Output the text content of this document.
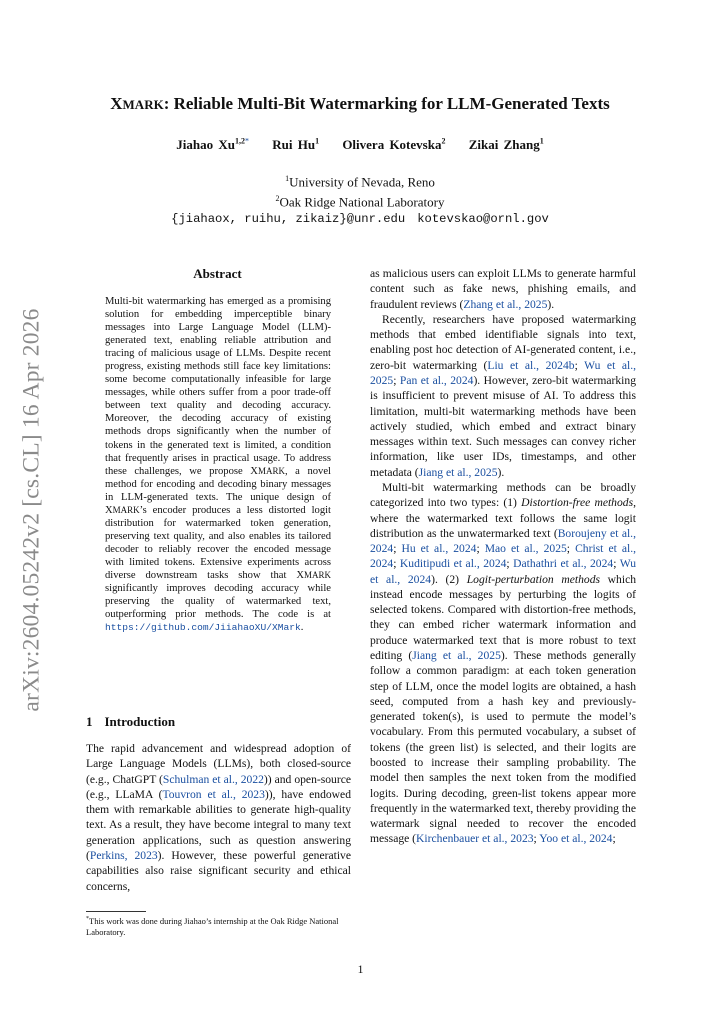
arXiv:2604.05242v2 [cs.CL] 16 Apr 2026
XMARK: Reliable Multi-Bit Watermarking for LLM-Generated Texts
Jiahao $Xu^{1,2*}$ Rui Hu$^1$ Olivera Kotevska$^2$ Zikai Zhang$^1$
$^1$University of Nevada, Reno
$^2$Oak Ridge National Laboratory
{jiahaox, ruihu, zikaiz}@unr.edu kotevskao@ornl.gov
Abstract
Multi-bit watermarking has emerged as a promising solution for embedding imperceptible binary messages into Large Language Model (LLM)-generated text, enabling reliable attribution and tracing of malicious usage of LLMs. Despite recent progress, existing methods still face key limitations: some become computationally infeasible for large messages, while others suffer from a poor trade-off between text quality and decoding accuracy. Moreover, the decoding accuracy of existing methods drops significantly when the number of tokens in the generated text is limited, a condition that frequently arises in practical usage. To address these challenges, we propose XMARK, a novel method for encoding and decoding binary messages in LLM-generated texts. The unique design of XMARK’s encoder produces a less distorted logit distribution for watermarked token generation, preserving text quality, and also enables its tailored decoder to reliably recover the encoded message with limited tokens. Extensive experiments across diverse downstream tasks show that XMARK significantly improves decoding accuracy while preserving the quality of watermarked text, outperforming prior methods. The code is at https://github.com/JiiahaoXU/XMark.
1 Introduction
The rapid advancement and widespread adoption of Large Language Models (LLMs), both closed-source (e.g., ChatGPT (Schulman et al., 2022)) and open-source (e.g., LLaMA (Touvron et al., 2023)), have endowed them with remarkable abilities to generate high-quality text. As a result, they have become integral to many text generation applications, such as question answering (Perkins, 2023). However, these powerful generative capabilities also raise significant security and ethical concerns,
*This work was done during Jiahao’s internship at the Oak Ridge National Laboratory.

as malicious users can exploit LLMs to generate harmful content such as fake news, phishing emails, and fraudulent reviews (Zhang et al., 2025).

Recently, researchers have proposed watermarking methods that embed identifiable signals into text, enabling post hoc detection of AI-generated content, i.e., zero-bit watermarking (Liu et al., 2024b; Wu et al., 2025; Pan et al., 2024). However, zero-bit watermarking is insufficient to prevent misuse of AI. To address this limitation, multi-bit watermarking methods have been actively studied, which embed and extract binary messages within text. Such messages can convey richer information, like user IDs, timestamps, and other metadata (Jiang et al., 2025).

Multi-bit watermarking methods can be broadly categorized into two types: (1) Distortion-free methods, where the watermarked text follows the same logit distribution as the unwatermarked text (Boroujeny et al., 2024; Hu et al., 2024; Mao et al., 2025; Christ et al., 2024; Kuditipudi et al., 2024; Dathathri et al., 2024; Wu et al., 2024). (2) Logit-perturbation methods which instead encode messages by perturbing the logits of selected tokens. Compared with distortion-free methods, they can embed richer watermark information and produce watermarked text that is more robust to text editing (Jiang et al., 2025). These methods generally follow a common paradigm: at each token generation step of LLM, once the model logits are obtained, a hash seed, computed from a hash key and previously-generated token(s), is used to permute the model’s vocabulary. From this permuted vocabulary, a subset of tokens (the green list) is selected, and their logits are boosted to increase their sampling probability. The model then samples the next token from the modified logits. During decoding, green-list tokens appear more frequently in the watermarked text, thereby providing the watermark signal needed to recover the encoded message (Kirchenbauer et al., 2023; Yoo et al., 2024;

1
